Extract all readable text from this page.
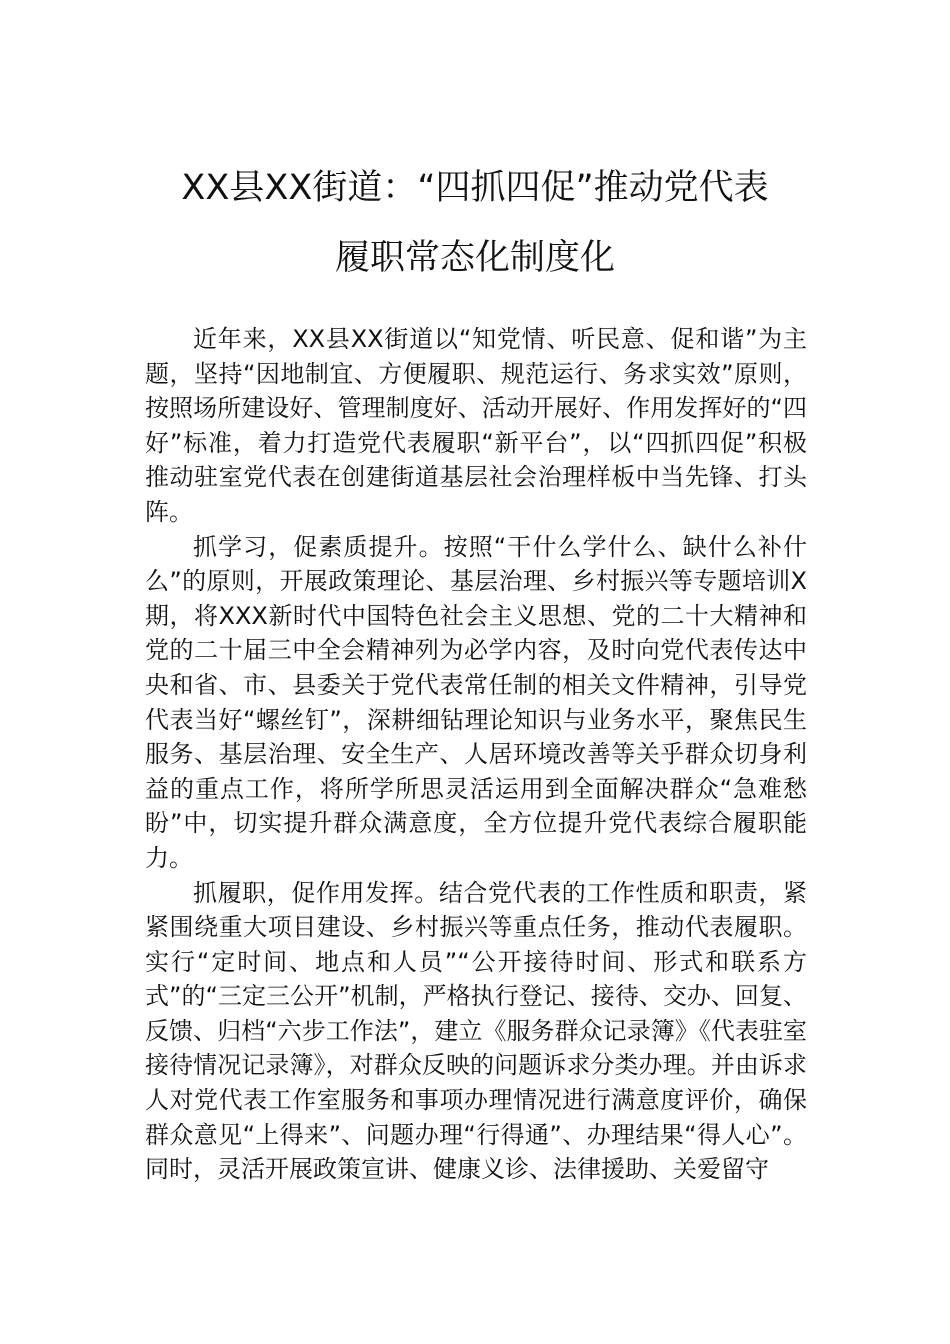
XX县XX街道：“四抓四促”推动党代表
履职常态化制度化

近年来，XX县XX街道以“知党情、听民意、促和谐”为主题，坚持“因地制宜、方便履职、规范运行、务求实效”原则，按照场所建设好、管理制度好、活动开展好、作用发挥好的“四好”标准，着力打造党代表履职“新平台”，以“四抓四促”积极推动驻室党代表在创建街道基层社会治理样板中当先锋、打头阵。

抓学习，促素质提升。按照“干什么学什么、缺什么补什么”的原则，开展政策理论、基层治理、乡村振兴等专题培训X期，将XXX新时代中国特色社会主义思想、党的二十大精神和党的二十届三中全会精神列为必学内容，及时向党代表传达中央和省、市、县委关于党代表常任制的相关文件精神，引导党代表当好“螺丝钉”，深耕细钻理论知识与业务水平，聚焦民生服务、基层治理、安全生产、人居环境改善等关乎群众切身利益的重点工作，将所学所思灵活运用到全面解决群众“急难愁盼”中，切实提升群众满意度，全方位提升党代表综合履职能力。

抓履职，促作用发挥。结合党代表的工作性质和职责，紧紧围绕重大项目建设、乡村振兴等重点任务，推动代表履职。实行“定时间、地点和人员”“公开接待时间、形式和联系方式”的“三定三公开”机制，严格执行登记、接待、交办、回复、反馈、归档“六步工作法”，建立《服务群众记录簿》《代表驻室接待情况记录簿》，对群众反映的问题诉求分类办理。并由诉求人对党代表工作室服务和事项办理情况进行满意度评价，确保群众意见“上得来”、问题办理“行得通”、办理结果“得人心”。同时，灵活开展政策宣讲、健康义诊、法律援助、关爱留守
